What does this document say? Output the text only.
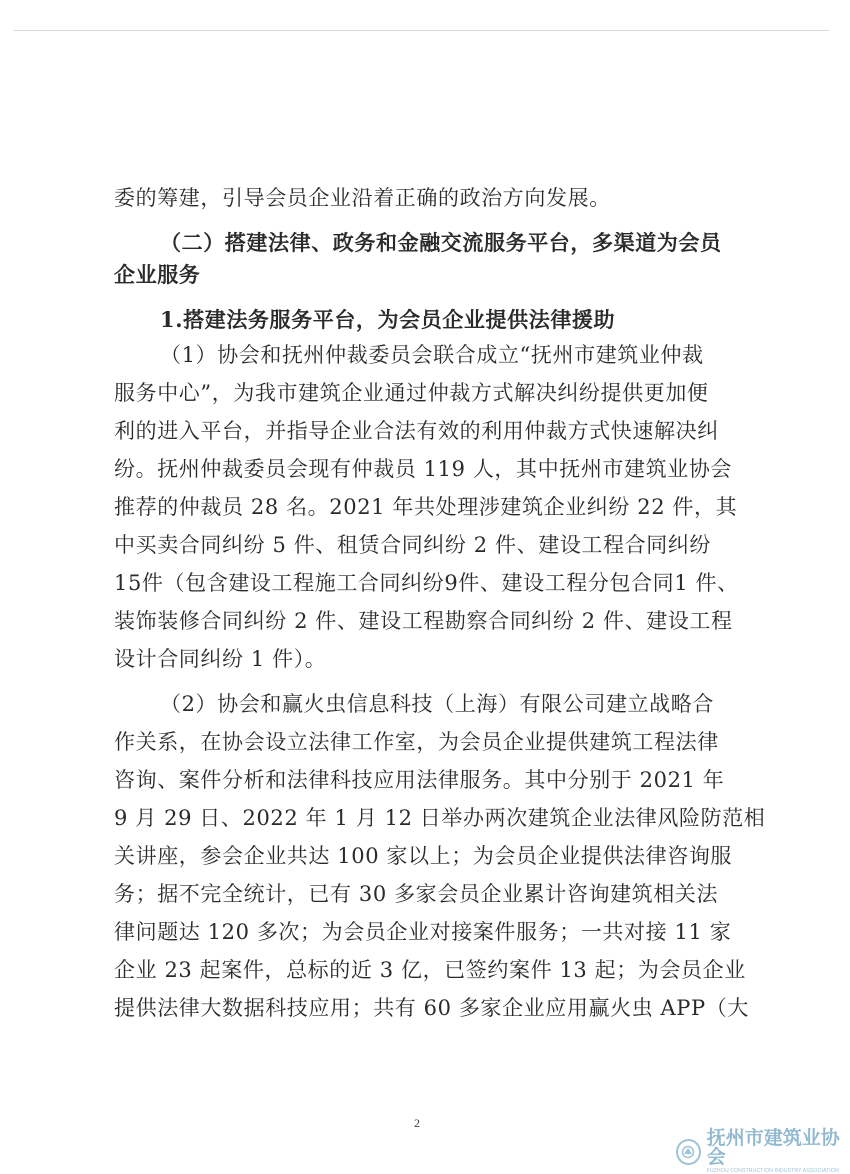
委的筹建，引导会员企业沿着正确的政治方向发展。
（二）搭建法律、政务和金融交流服务平台，多渠道为会员
企业服务
1.搭建法务服务平台，为会员企业提供法律援助
（1）协会和抚州仲裁委员会联合成立“抚州市建筑业仲裁
服务中心”，为我市建筑企业通过仲裁方式解决纠纷提供更加便
利的进入平台，并指导企业合法有效的利用仲裁方式快速解决纠
纷。抚州仲裁委员会现有仲裁员 119 人，其中抚州市建筑业协会
推荐的仲裁员 28 名。2021 年共处理涉建筑企业纠纷 22 件，其
中买卖合同纠纷 5 件、租赁合同纠纷 2 件、建设工程合同纠纷
15件（包含建设工程施工合同纠纷9件、建设工程分包合同1 件、
装饰装修合同纠纷 2 件、建设工程勘察合同纠纷 2 件、建设工程
设计合同纠纷 1 件）。
（2）协会和赢火虫信息科技（上海）有限公司建立战略合
作关系，在协会设立法律工作室，为会员企业提供建筑工程法律
咨询、案件分析和法律科技应用法律服务。其中分别于 2021 年
9 月 29 日、2022 年 1 月 12 日举办两次建筑企业法律风险防范相
关讲座，参会企业共达 100 家以上；为会员企业提供法律咨询服
务；据不完全统计，已有 30 多家会员企业累计咨询建筑相关法
律问题达 120 多次；为会员企业对接案件服务；一共对接 11 家
企业 23 起案件，总标的近 3 亿，已签约案件 13 起；为会员企业
提供法律大数据科技应用；共有 60 多家企业应用赢火虫 APP（大
2
抚州市建筑业协会
FUZHOU CONSTRUCTION INDUSTRY ASSOCIATION
